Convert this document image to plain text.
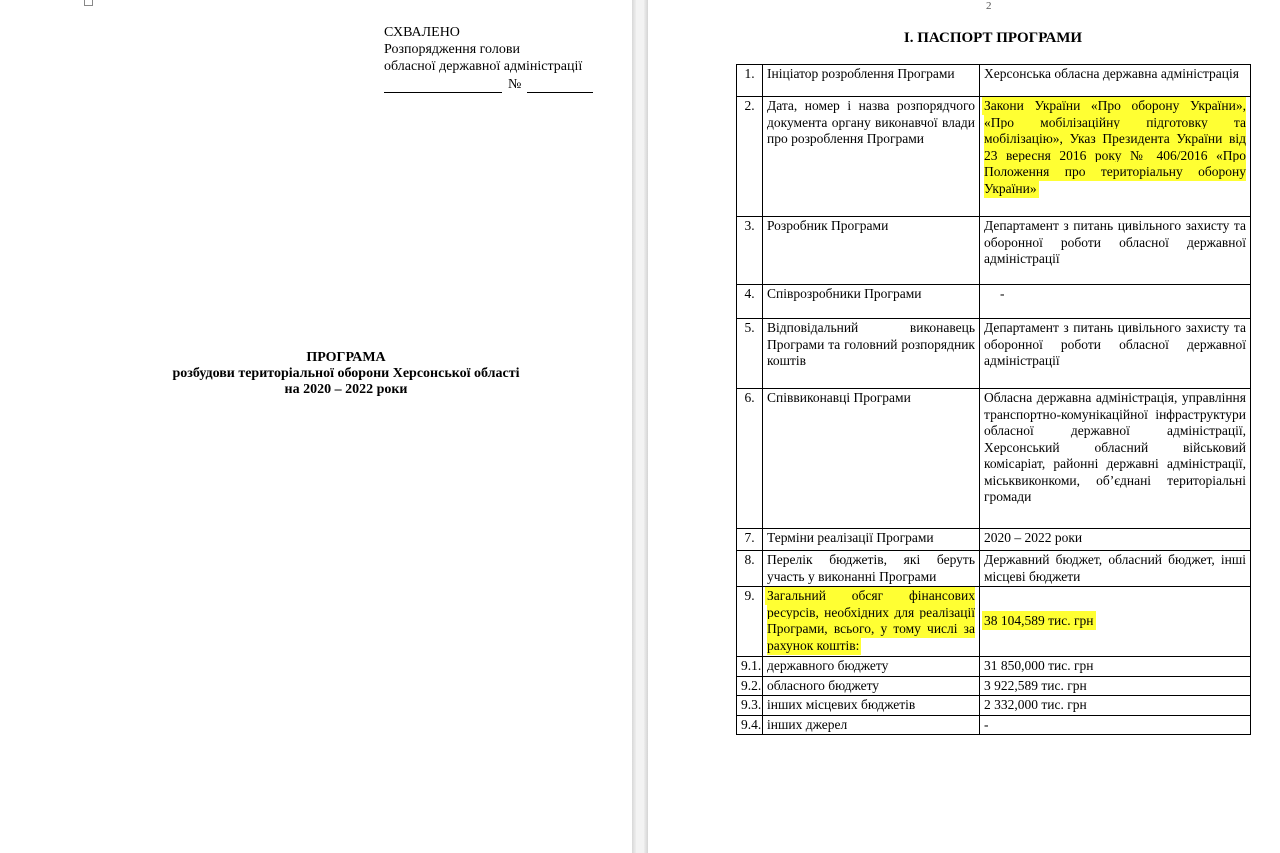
СХВАЛЕНО
Розпорядження голови
обласної державної адміністрації
№
ПРОГРАМА
розбудови територіальної оборони Херсонської області
на 2020 – 2022 роки
2
І. ПАСПОРТ ПРОГРАМИ
1.	Ініціатор розроблення Програми	Херсонська обласна державна адміністрація
2.	Дата, номер і назва розпорядчого документа органу виконавчої влади про розроблення Програми	Закони України «Про оборону України», «Про мобілізаційну підготовку та мобілізацію», Указ Президента України від 23 вересня 2016 року № 406/2016 «Про Положення про територіальну оборону України»
3.	Розробник Програми	Департамент з питань цивільного захисту та оборонної роботи обласної державної адміністрації
4.	Співрозробники Програми	-
5.	Відповідальний виконавець Програми та головний розпорядник коштів	Департамент з питань цивільного захисту та оборонної роботи обласної державної адміністрації
6.	Співвиконавці Програми	Обласна державна адміністрація, управління транспортно-комунікаційної інфраструктури обласної державної адміністрації, Херсонський обласний військовий комісаріат, районні державні адміністрації, міськвиконкоми, об’єднані територіальні громади
7.	Терміни реалізації Програми	2020 – 2022 роки
8.	Перелік бюджетів, які беруть участь у виконанні Програми	Державний бюджет, обласний бюджет, інші місцеві бюджети
9.	Загальний обсяг фінансових ресурсів, необхідних для реалізації Програми, всього, у тому числі за рахунок коштів:	38 104,589 тис. грн
9.1.	державного бюджету	31 850,000 тис. грн
9.2.	обласного бюджету	3 922,589 тис. грн
9.3.	інших місцевих бюджетів	2 332,000 тис. грн
9.4.	інших джерел	-
